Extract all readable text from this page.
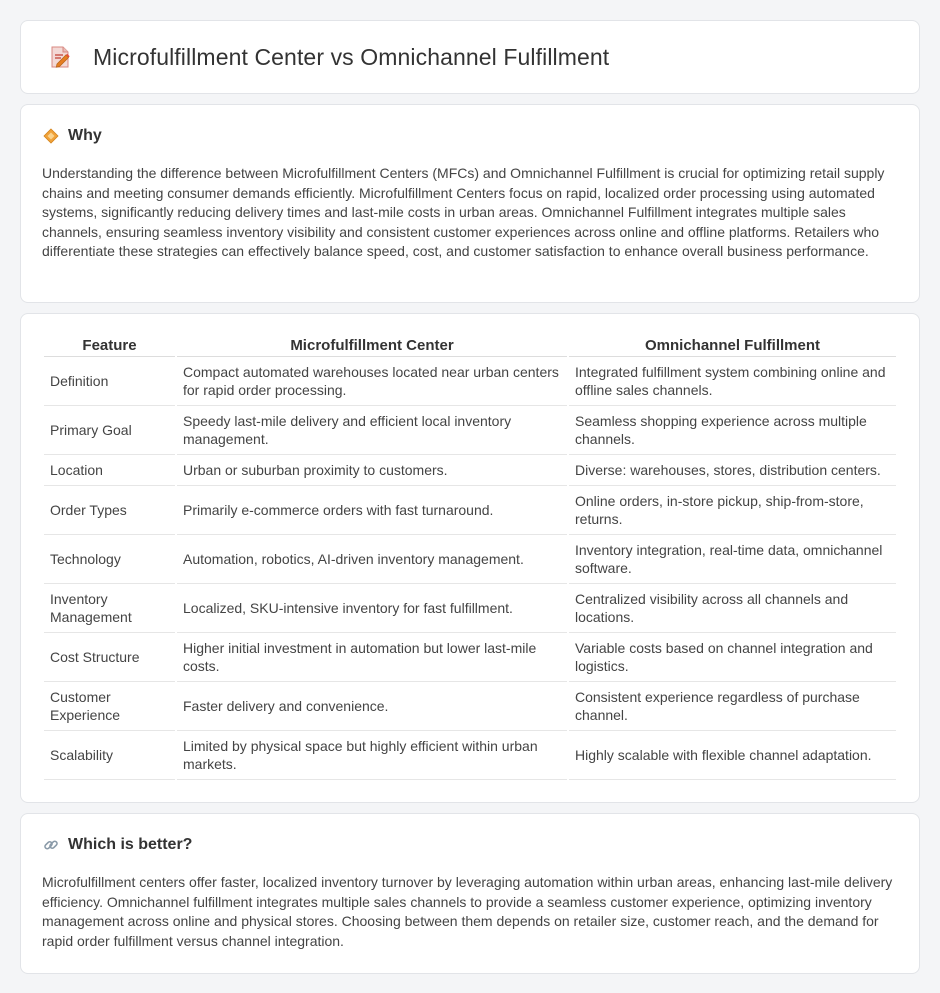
Microfulfillment Center vs Omnichannel Fulfillment
Why

Understanding the difference between Microfulfillment Centers (MFCs) and Omnichannel Fulfillment is crucial for optimizing retail supply chains and meeting consumer demands efficiently. Microfulfillment Centers focus on rapid, localized order processing using automated systems, significantly reducing delivery times and last-mile costs in urban areas. Omnichannel Fulfillment integrates multiple sales channels, ensuring seamless inventory visibility and consistent customer experiences across online and offline platforms. Retailers who differentiate these strategies can effectively balance speed, cost, and customer satisfaction to enhance overall business performance.

Feature	Microfulfillment Center	Omnichannel Fulfillment
Definition	Compact automated warehouses located near urban centers for rapid order processing.	Integrated fulfillment system combining online and offline sales channels.
Primary Goal	Speedy last-mile delivery and efficient local inventory management.	Seamless shopping experience across multiple channels.
Location	Urban or suburban proximity to customers.	Diverse: warehouses, stores, distribution centers.
Order Types	Primarily e-commerce orders with fast turnaround.	Online orders, in-store pickup, ship-from-store, returns.
Technology	Automation, robotics, AI-driven inventory management.	Inventory integration, real-time data, omnichannel software.
Inventory Management	Localized, SKU-intensive inventory for fast fulfillment.	Centralized visibility across all channels and locations.
Cost Structure	Higher initial investment in automation but lower last-mile costs.	Variable costs based on channel integration and logistics.
Customer Experience	Faster delivery and convenience.	Consistent experience regardless of purchase channel.
Scalability	Limited by physical space but highly efficient within urban markets.	Highly scalable with flexible channel adaptation.
Which is better?

Microfulfillment centers offer faster, localized inventory turnover by leveraging automation within urban areas, enhancing last-mile delivery efficiency. Omnichannel fulfillment integrates multiple sales channels to provide a seamless customer experience, optimizing inventory management across online and physical stores. Choosing between them depends on retailer size, customer reach, and the demand for rapid order fulfillment versus channel integration.
